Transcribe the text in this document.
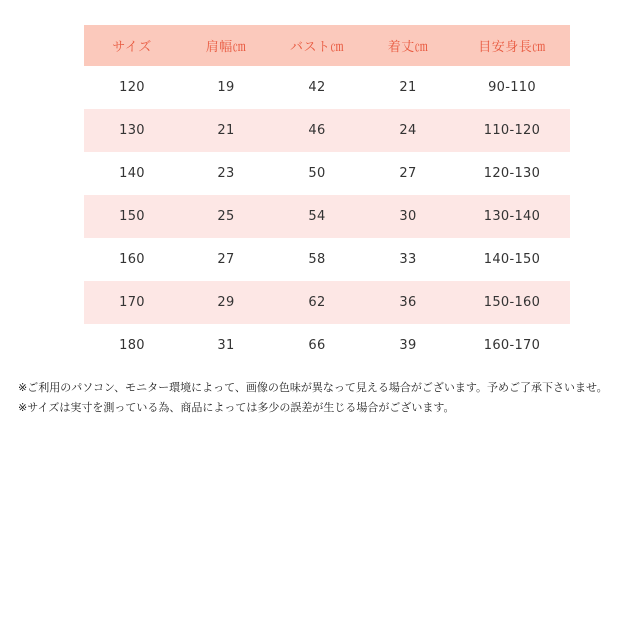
サイズ	肩幅㎝	バスト㎝	着丈㎝	目安身長㎝
120	19	42	21	90-110
130	21	46	24	110-120
140	23	50	27	120-130
150	25	54	30	130-140
160	27	58	33	140-150
170	29	62	36	150-160
180	31	66	39	160-170
※ご利用のパソコン、モニター環境によって、画像の色味が異なって見える場合がございます。予めご了承下さいませ。
※サイズは実寸を測っている為、商品によっては多少の誤差が生じる場合がございます。
